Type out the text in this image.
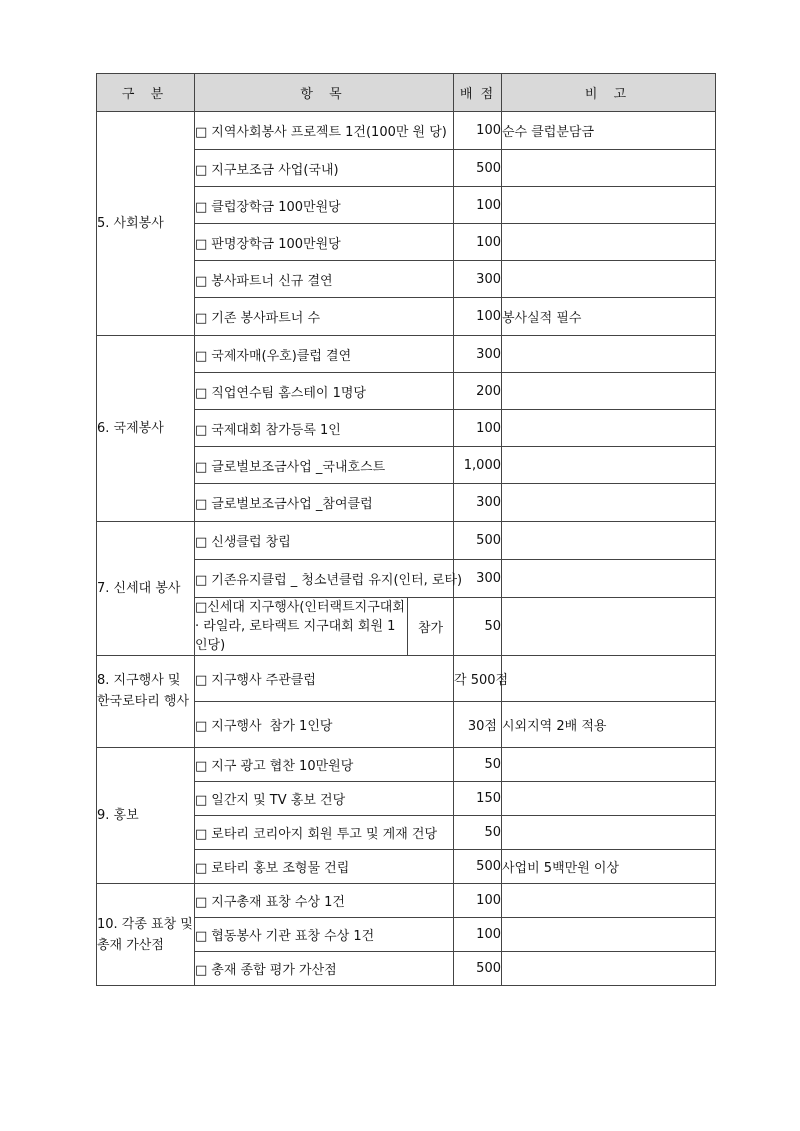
구 분	항 목		배 점	비 고
5. 사회봉사	□ 지역사회봉사 프로젝트 1건(100만 원 당)		100	순수 클럽분담금
	□ 지구보조금 사업(국내)		500	
	□ 클럽장학금 100만원당		100	
	□ 판명장학금 100만원당		100	
	□ 봉사파트너 신규 결연		300	
	□ 기존 봉사파트너 수		100	봉사실적 필수
6. 국제봉사	□ 국제자매(우호)클럽 결연		300	
	□ 직업연수팀 홈스테이 1명당		200	
	□ 국제대회 참가등록 1인		100	
	□ 글로벌보조금사업 _국내호스트		1,000	
	□ 글로벌보조금사업 _참여클럽		300	
7. 신세대 봉사	□ 신생클럽 창립		500	
	□ 기존유지클럽 _ 청소년클럽 유지(인터, 로타)		300	
	□신세대 지구행사(인터랙트지구대회 · 라일라, 로타랙트 지구대회 회원 1인당)	참가	50	
8. 지구행사 및 한국로타리 행사	□ 지구행사 주관클럽		각 500점	
	□ 지구행사  참가 1인당		30점	시외지역 2배 적용
9. 홍보	□ 지구 광고 협찬 10만원당		50	
	□ 일간지 및 TV 홍보 건당		150	
	□ 로타리 코리아지 회원 투고 및 게재 건당		50	
	□ 로타리 홍보 조형물 건립		500	사업비 5백만원 이상
10. 각종 표창 및 총재 가산점	□ 지구총재 표창 수상 1건		100	
	□ 협동봉사 기관 표창 수상 1건		100	
	□ 총재 종합 평가 가산점		500	
